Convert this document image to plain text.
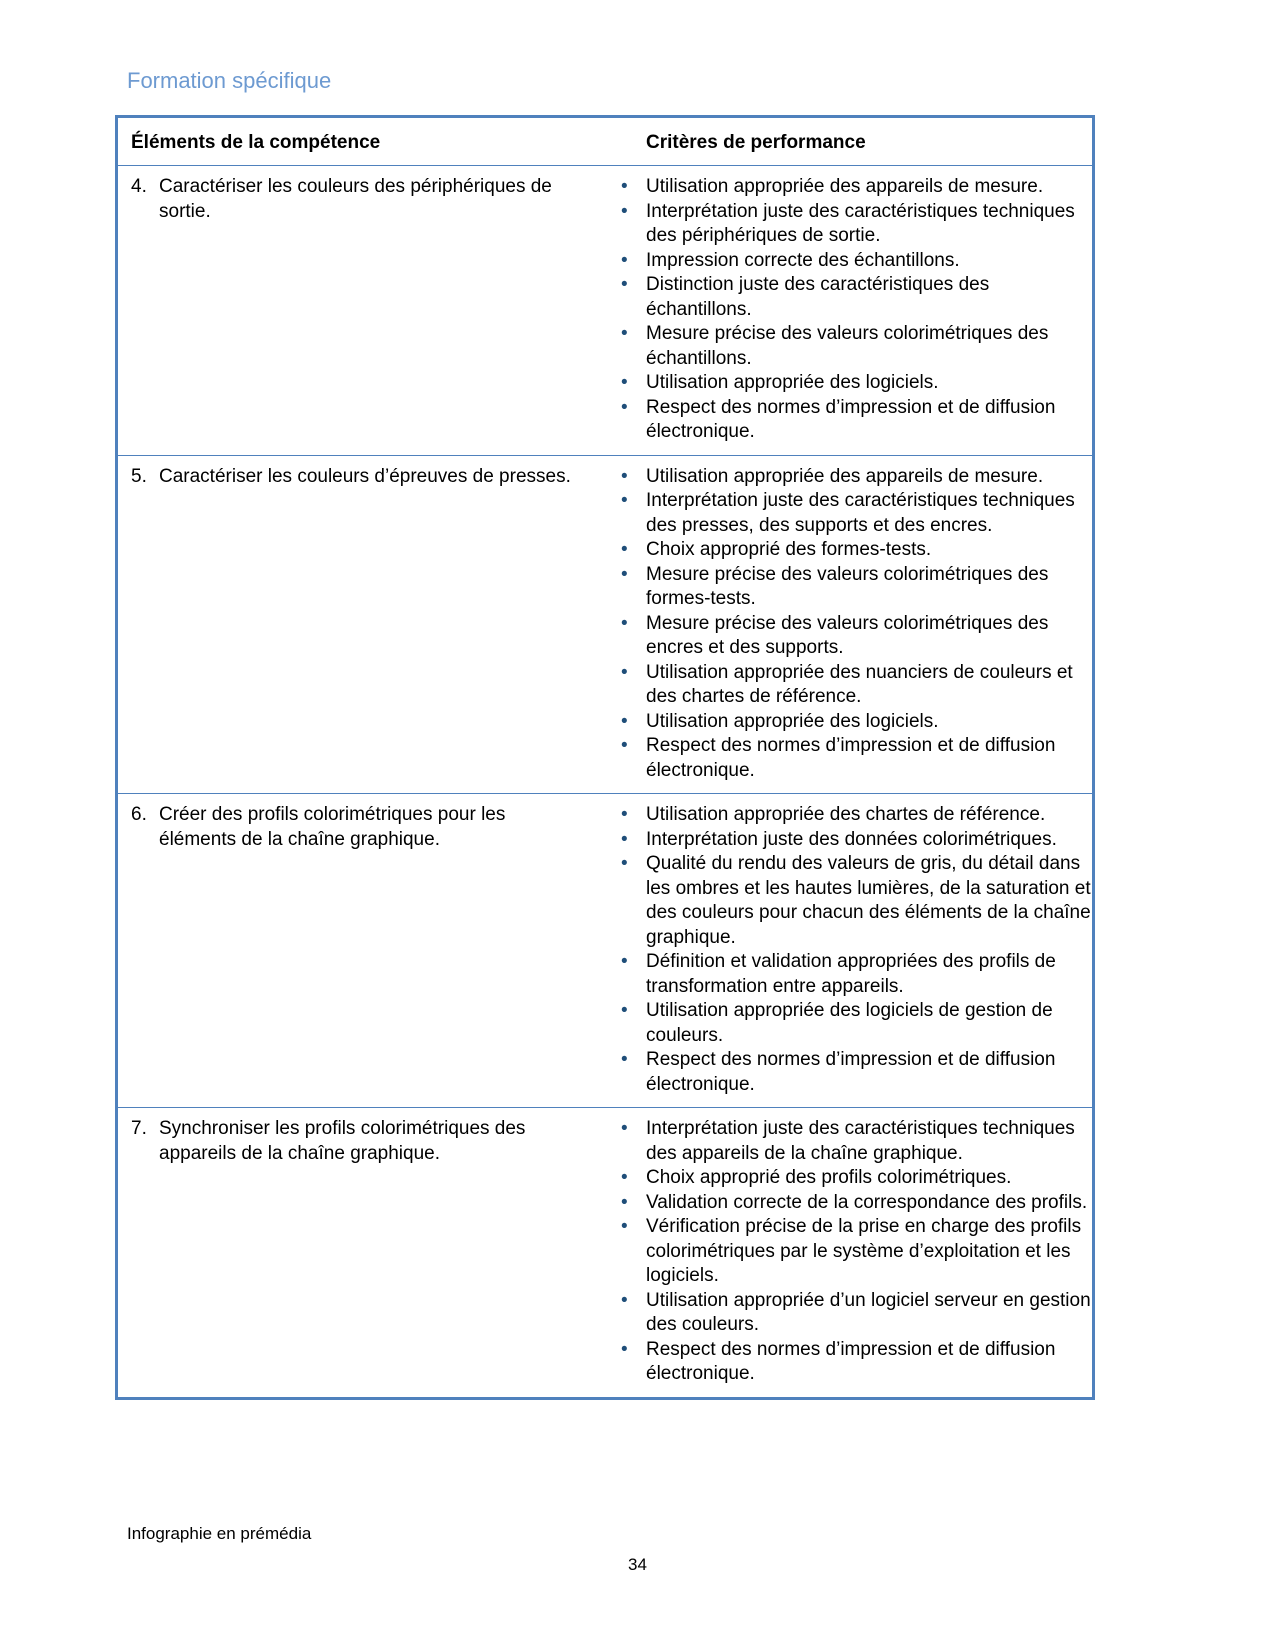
Formation spécifique
Éléments de la compétence	Critères de performance
4. Caractériser les couleurs des périphériques de sortie.
• Utilisation appropriée des appareils de mesure.
• Interprétation juste des caractéristiques techniques des périphériques de sortie.
• Impression correcte des échantillons.
• Distinction juste des caractéristiques des échantillons.
• Mesure précise des valeurs colorimétriques des échantillons.
• Utilisation appropriée des logiciels.
• Respect des normes d’impression et de diffusion électronique.
5. Caractériser les couleurs d’épreuves de presses.	• Utilisation appropriée des appareils de mesure.
• Interprétation juste des caractéristiques techniques des presses, des supports et des encres.
• Choix approprié des formes-tests.
• Mesure précise des valeurs colorimétriques des formes-tests.
• Mesure précise des valeurs colorimétriques des encres et des supports.
• Utilisation appropriée des nuanciers de couleurs et des chartes de référence.
• Utilisation appropriée des logiciels.
• Respect des normes d’impression et de diffusion électronique.
6. Créer des profils colorimétriques pour les éléments de la chaîne graphique.
• Utilisation appropriée des chartes de référence.
• Interprétation juste des données colorimétriques.
• Qualité du rendu des valeurs de gris, du détail dans les ombres et les hautes lumières, de la saturation et des couleurs pour chacun des éléments de la chaîne graphique.
• Définition et validation appropriées des profils de transformation entre appareils.
• Utilisation appropriée des logiciels de gestion de couleurs.
• Respect des normes d’impression et de diffusion électronique.
7. Synchroniser les profils colorimétriques des appareils de la chaîne graphique.
• Interprétation juste des caractéristiques techniques des appareils de la chaîne graphique.
• Choix approprié des profils colorimétriques.
• Validation correcte de la correspondance des profils.
• Vérification précise de la prise en charge des profils colorimétriques par le système d’exploitation et les logiciels.
• Utilisation appropriée d’un logiciel serveur en gestion des couleurs.
• Respect des normes d’impression et de diffusion électronique.
Infographie en prémédia
34
